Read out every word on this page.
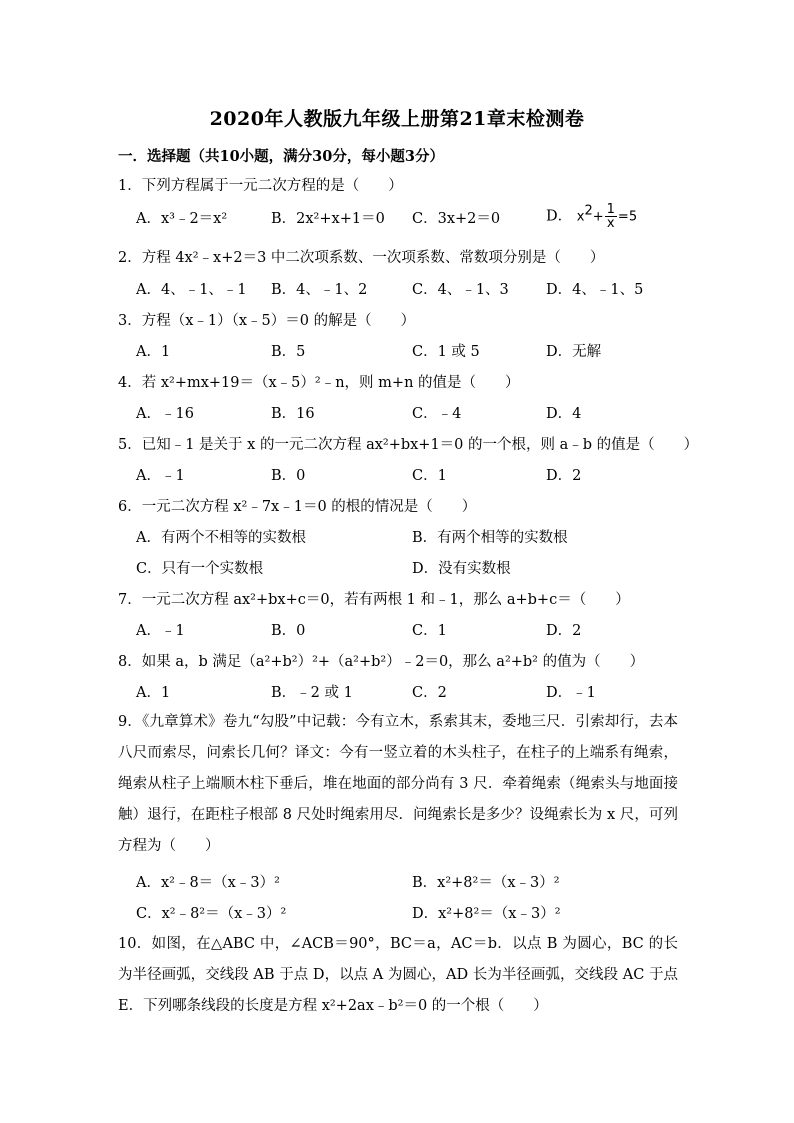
2020年人教版九年级上册第21章末检测卷
一．选择题（共10小题，满分30分，每小题3分）
1．下列方程属于一元二次方程的是（　　）
A．x³﹣2＝x²	B．2x²+x+1＝0 C．3x+2＝0	D． $x^2+ \frac{1}{x} =5$
2．方程 4x²﹣x+2＝3 中二次项系数、一次项系数、常数项分别是（　　）
A．4、﹣1、﹣1 B．4、﹣1、2	C．4、﹣1、3	D．4、﹣1、5
3．方程（x﹣1）（x﹣5）＝0 的解是（　　）
A．1	B．5	C．1 或 5	D．无解
4．若 x²+mx+19＝（x﹣5）²﹣n，则 m+n 的值是（　　）
A．﹣16	B．16	C．﹣4	D．4
5．已知﹣1 是关于 x 的一元二次方程 ax²+bx+1＝0 的一个根，则 a﹣b 的值是（　　）
A．﹣1	B．0	C．1	D．2
6．一元二次方程 x²﹣7x﹣1＝0 的根的情况是（　　）
A．有两个不相等的实数根	B．有两个相等的实数根
C．只有一个实数根	D．没有实数根
7．一元二次方程 ax²+bx+c＝0，若有两根 1 和﹣1，那么 a+b+c＝（　　）
A．﹣1	B．0	C．1	D．2
8．如果 a，b 满足（a²+b²）²+（a²+b²）﹣2＝0，那么 a²+b² 的值为（　　）
A．1	B．﹣2 或 1	C．2	D．﹣1
9．《九章算术》卷九“勾股”中记载：今有立木，系索其末，委地三尺．引索却行，去本八尺而索尽，问索长几何？译文：今有一竖立着的木头柱子，在柱子的上端系有绳索，绳索从柱子上端顺木柱下垂后，堆在地面的部分尚有 3 尺．牵着绳索（绳索头与地面接触）退行，在距柱子根部 8 尺处时绳索用尽．问绳索长是多少？设绳索长为 x 尺，可列方程为（　　）
A．x²﹣8＝（x﹣3）²	B．x²+8²＝（x﹣3）²
C．x²﹣8²＝（x﹣3）²	D．x²+8²＝（x﹣3）²
10．如图，在△ABC 中，∠ACB＝90°，BC＝a，AC＝b．以点 B 为圆心，BC 的长为半径画弧，交线段 AB 于点 D，以点 A 为圆心，AD 长为半径画弧，交线段 AC 于点 E．下列哪条线段的长度是方程 x²+2ax﹣b²＝0 的一个根（　　）
